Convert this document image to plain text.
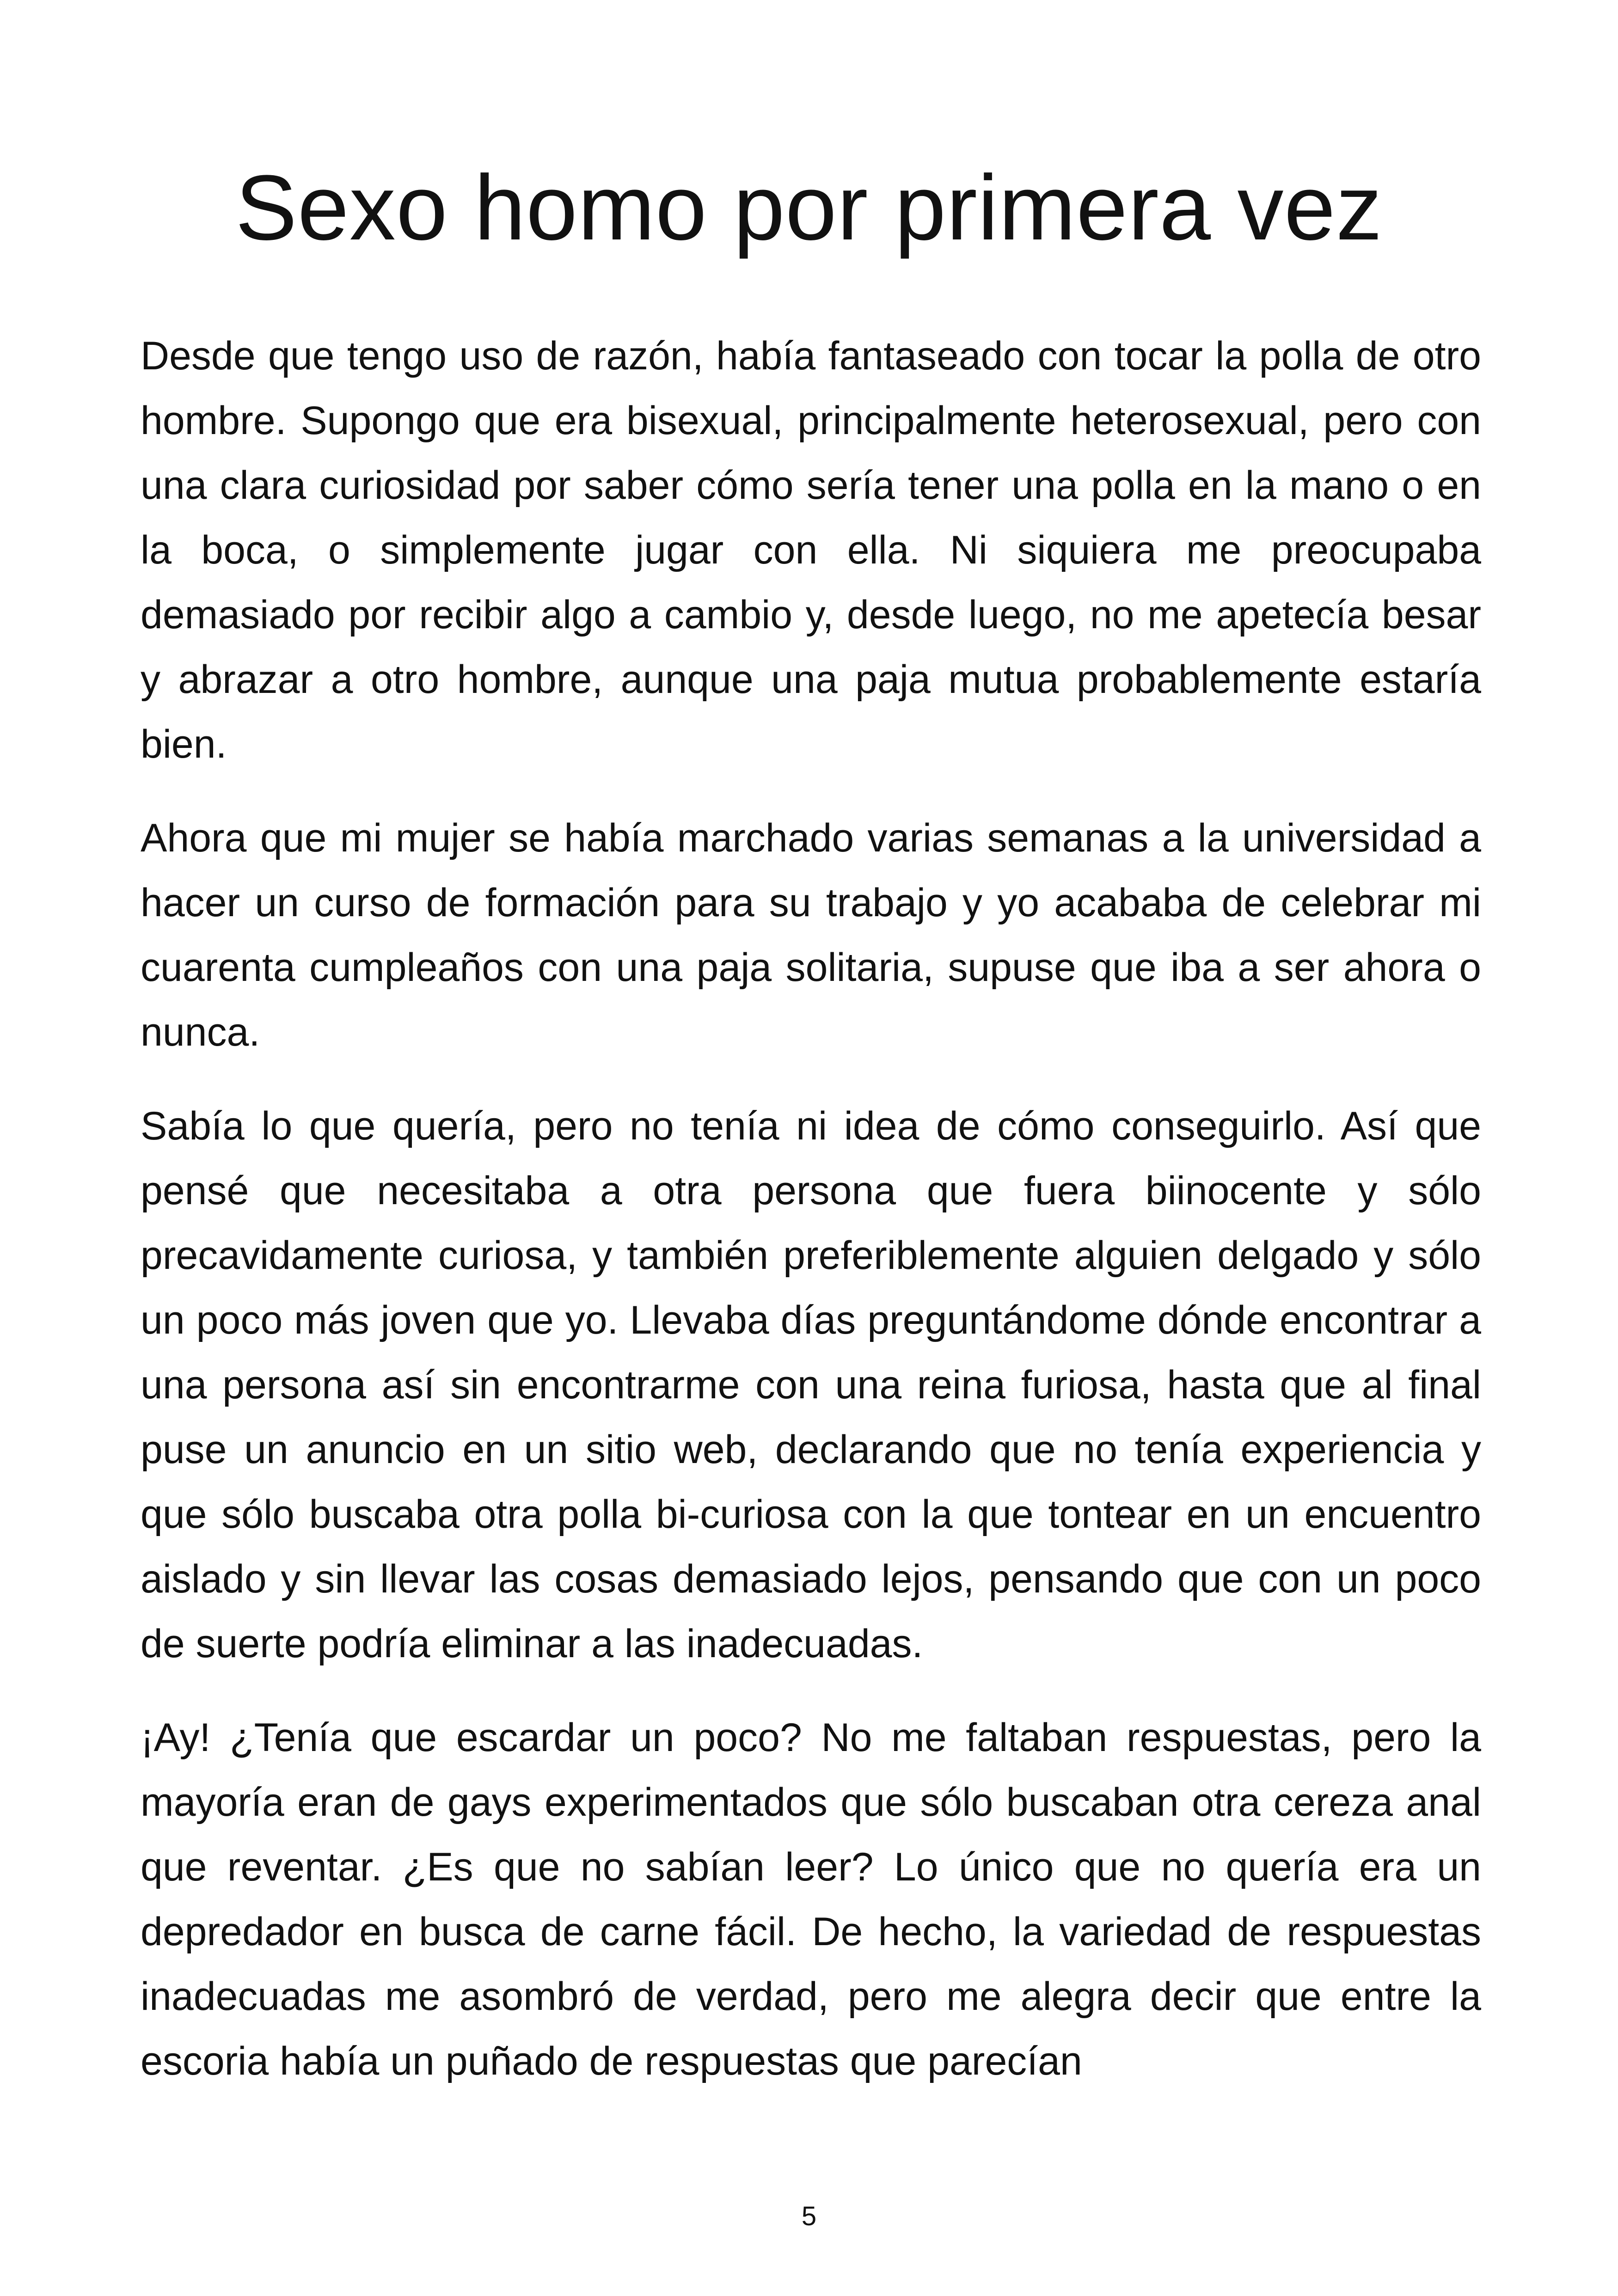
Sexo homo por primera vez

Desde que tengo uso de razón, había fantaseado con tocar la polla de otro hombre. Supongo que era bisexual, principalmente heterosexual, pero con una clara curiosidad por saber cómo sería tener una polla en la mano o en la boca, o simplemente jugar con ella. Ni siquiera me preocupaba demasiado por recibir algo a cambio y, desde luego, no me apetecía besar y abrazar a otro hombre, aunque una paja mutua probablemente estaría bien.

Ahora que mi mujer se había marchado varias semanas a la universidad a hacer un curso de formación para su trabajo y yo acababa de celebrar mi cuarenta cumpleaños con una paja solitaria, supuse que iba a ser ahora o nunca.

Sabía lo que quería, pero no tenía ni idea de cómo conseguirlo. Así que pensé que necesitaba a otra persona que fuera biinocente y sólo precavidamente curiosa, y también preferiblemente alguien delgado y sólo un poco más joven que yo. Llevaba días preguntándome dónde encontrar a una persona así sin encontrarme con una reina furiosa, hasta que al final puse un anuncio en un sitio web, declarando que no tenía experiencia y que sólo buscaba otra polla bi-curiosa con la que tontear en un encuentro aislado y sin llevar las cosas demasiado lejos, pensando que con un poco de suerte podría eliminar a las inadecuadas.

¡Ay! ¿Tenía que escardar un poco? No me faltaban respuestas, pero la mayoría eran de gays experimentados que sólo buscaban otra cereza anal que reventar. ¿Es que no sabían leer? Lo único que no quería era un depredador en busca de carne fácil. De hecho, la variedad de respuestas inadecuadas me asombró de verdad, pero me alegra decir que entre la escoria había un puñado de respuestas que parecían

5
